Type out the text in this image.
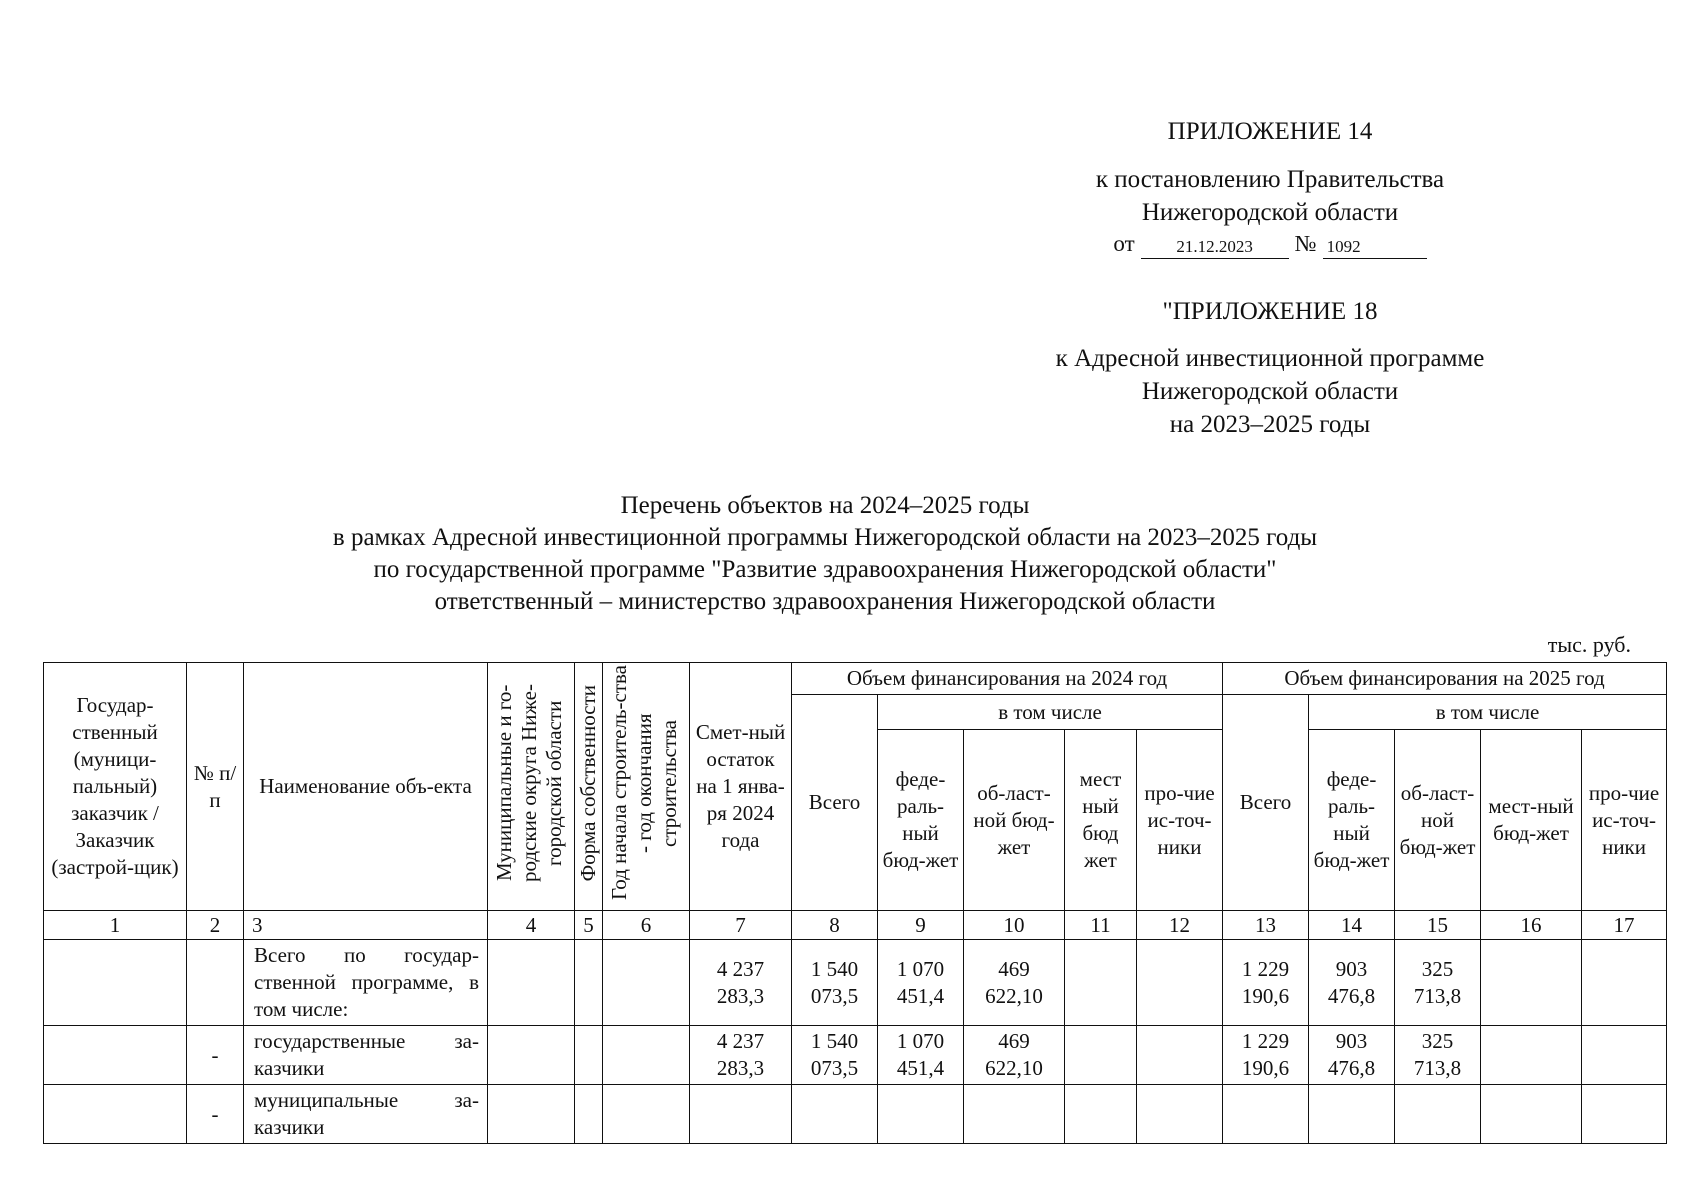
ПРИЛОЖЕНИЕ 14
к постановлению Правительства
Нижегородской области
от	21.12.2023	№ 1092
"ПРИЛОЖЕНИЕ 18
к Адресной инвестиционной программе
Нижегородской области
на 2023–2025 годы
Перечень объектов на 2024–2025 годы
в рамках Адресной инвестиционной программы Нижегородской области на 2023–2025 годы
по государственной программе "Развитие здравоохранения Нижегородской области"
ответственный – министерство здравоохранения Нижегородской области
тыс. руб.
Государ-ственный (муници-пальный) заказчик / Заказчик (застрой-щик)	№ п/п	Наименование объ-екта	Муниципальные и го-родские округа Ниже-городской области	Форма собственности	Год начала строитель-ства - год окончания строительства	Смет-ный остаток на 1 янва-ря 2024 года	Объем финансирования на 2024 год					Объем финансирования на 2025 год				
							Всего	в том числе				Всего	в том числе			
								феде-раль-ный бюд-жет	об-ласт-ной бюд-жет	мест ный бюд жет	про-чие ис-точ-ники		феде-раль-ный бюд-жет	об-ласт-ной бюд-жет	мест-ный бюд-жет	про-чие ис-точ-ники
1	2	3	4	5	6	7	8	9	10	11	12	13	14	15	16	17
		Всего по государ-ственной программе, в том числе:				4 237 283,3	1 540 073,5	1 070 451,4	469 622,10			1 229 190,6	903 476,8	325 713,8		
	-	государственные за-казчики				4 237 283,3	1 540 073,5	1 070 451,4	469 622,10			1 229 190,6	903 476,8	325 713,8		
	-	муниципальные за-казчики														
